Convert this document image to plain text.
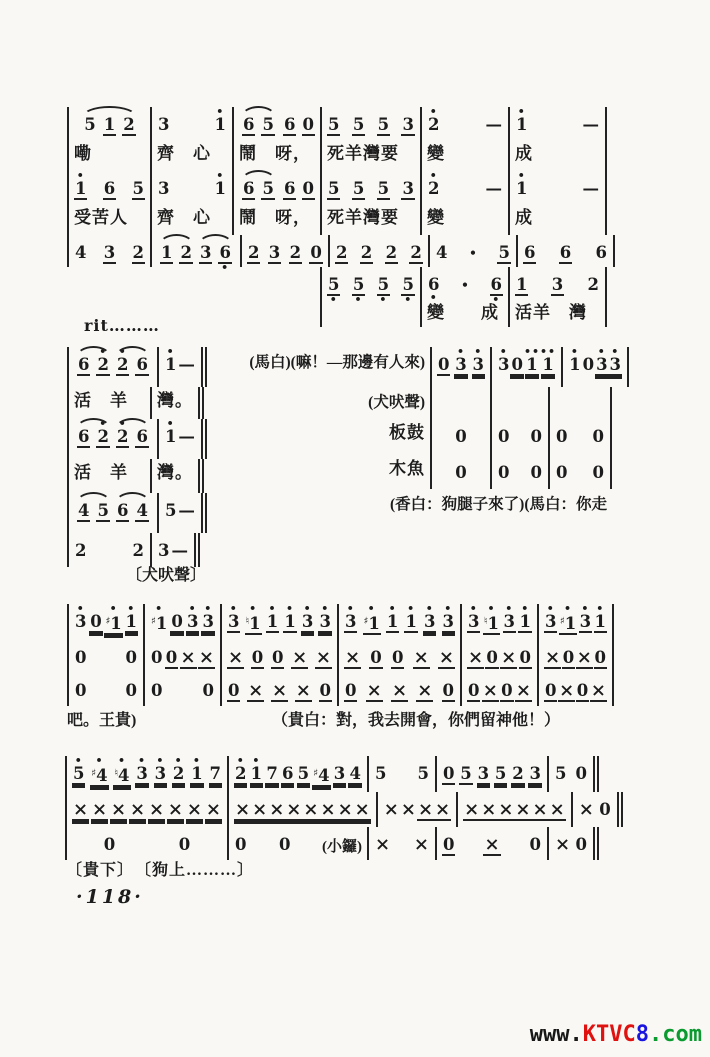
5 1 2 3
•
1 6 5 6 0 5 5 5 3
•
2	—
•
1	—
嘞	齊　心	鬧　呀， 死羊灣要	變	成
•
1 6 5 3
•
1 6 5 6 0 5 5 5 3
•
2	—
•
1	—
受苦人	齊　心	鬧　呀， 死羊灣要	變	成
4 3 2 1 2 3 6
•
2 3 2 0 2 2 2 2 4 • 5 6 6 6
5
•
5
•
5
•
5
•
6
•
• 6
•
1 3 2
變　　成 活羊　灣
6
•
2
•
2 6
•
1 —
活　羊	灣。
6
•
2
•
2 6
•
1 —
活　羊	灣。
4 5 6 4 5 —
2	2 3 —
(馬白)(嘛！—那邊有人來) 0
•
3
•
3
•
3 0
••
1
••
1
•
1 0
•
3
•
3
(犬吠聲)
板鼓	0 0 0 0 0
木魚	0 0 0 0 0
(香白：狗腿子來了)(馬白：你走
•
3 0
•
♯1
•
1
•
♯1 0
•
3
•
3
•
3
•
♮1
•
1
•
1
•
3
•
3
•
3
•
♯1
•
1
•
1
•
3
•
3
•
3
•
♮1
•
3
•
1
•
3
•
♯1
•
3
•
1
0 0 0 0 × × × 0 0 × × × 0 0 × × × 0 × 0 × 0 × 0
0 0 0 0 0 × × × 0 0 × × × 0 0 × 0 × 0 × 0 ×
•
5
•
♯4
•
♮4
•
3
•
3
•
2
•
1 7
•
2
•
1 7 6 5 ♯4 3 4 5 5 0 5 3 5 2 3 5 0
× × × × × × × × × × × × × × × × × × × × × × × × × × × 0
0	0	0 0 (小鑼) × × 0 × 0 × 0
rit………
〔犬吠聲〕
吧。王貴)	（貴白：對，我去開會，你們留神他！）
〔貴下〕　〔狗上………〕
·118·
www.KTVC8.com
